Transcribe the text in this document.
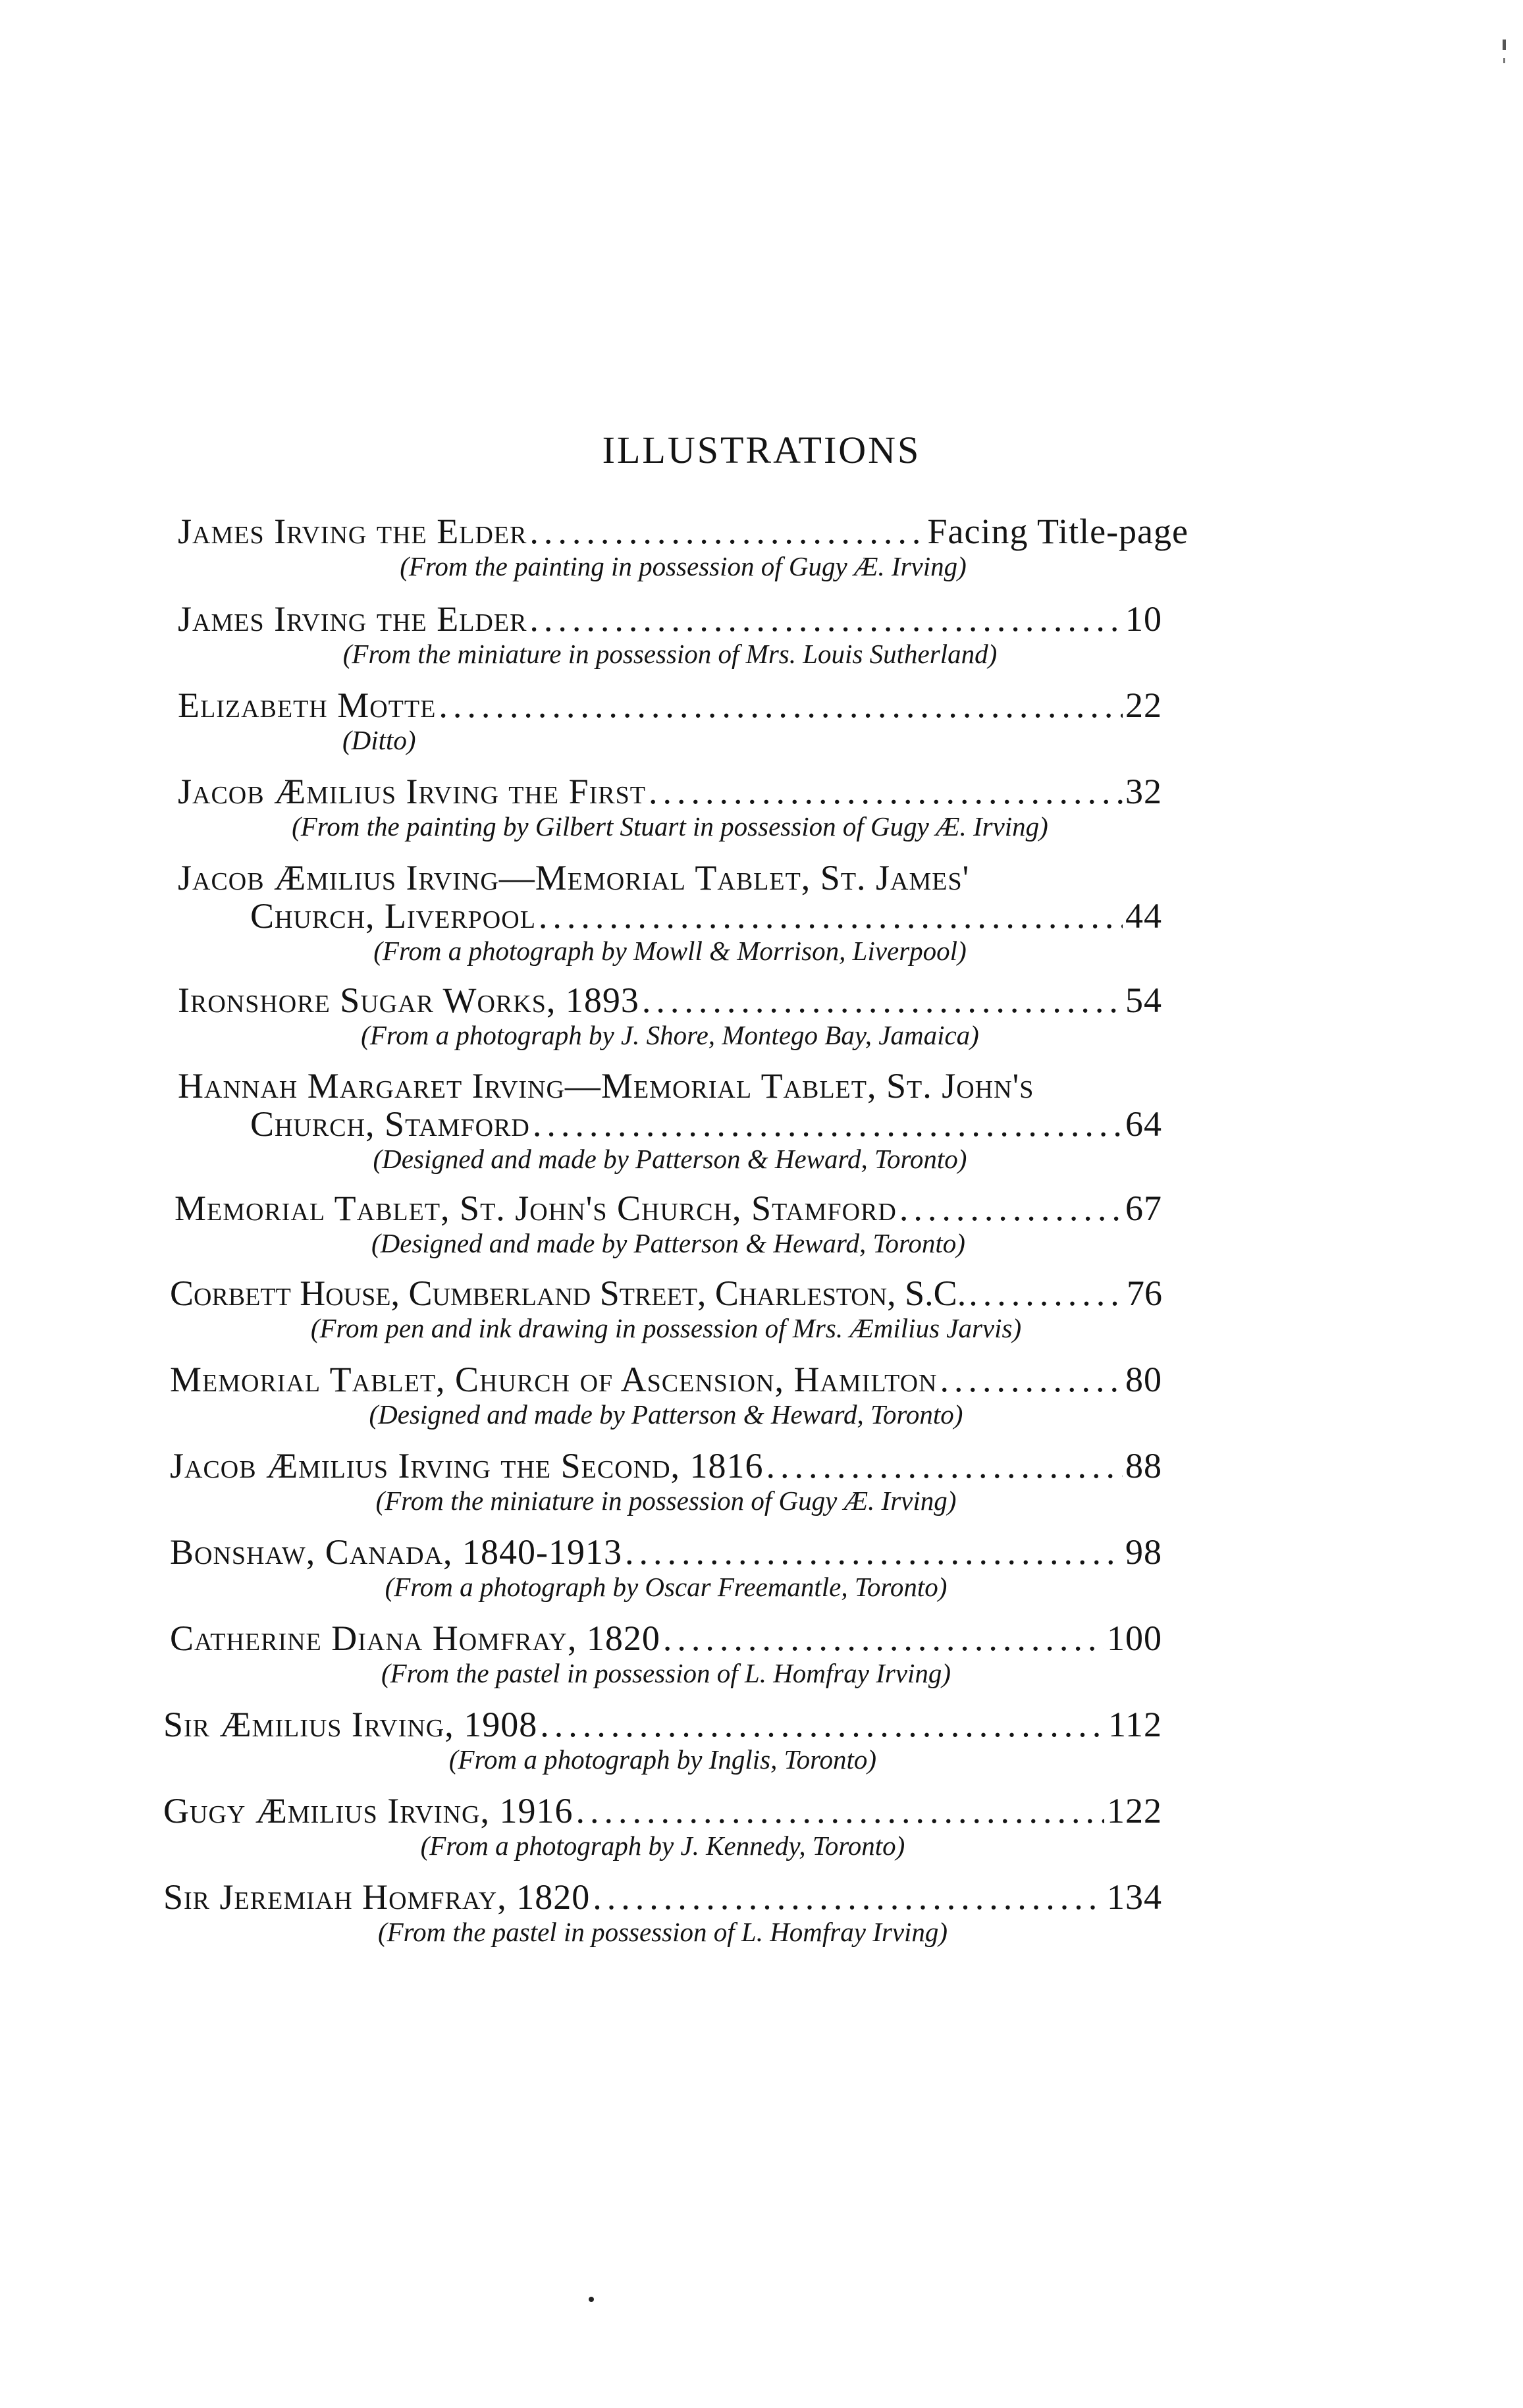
ILLUSTRATIONS
James Irving the Elder .....	Facing Title-page
(From the painting in possession of Gugy Æ. Irving)
James Irving the Elder .....	10
(From the miniature in possession of Mrs. Louis Sutherland)
Elizabeth Motte .....	22
(Ditto)
Jacob Æmilius Irving the First .....	32
(From the painting by Gilbert Stuart in possession of Gugy Æ. Irving)
Jacob Æmilius Irving—Memorial Tablet, St. James'
Church, Liverpool .....	44
(From a photograph by Mowll & Morrison, Liverpool)
Ironshore Sugar Works, 1893 .....	54
(From a photograph by J. Shore, Montego Bay, Jamaica)
Hannah Margaret Irving—Memorial Tablet, St. John's
Church, Stamford .....	64
(Designed and made by Patterson & Heward, Toronto)
Memorial Tablet, St. John's Church, Stamford .....	67
(Designed and made by Patterson & Heward, Toronto)
Corbett House, Cumberland Street, Charleston, S.C. .....	76
(From pen and ink drawing in possession of Mrs. Æmilius Jarvis)
Memorial Tablet, Church of Ascension, Hamilton .....	80
(Designed and made by Patterson & Heward, Toronto)
Jacob Æmilius Irving the Second, 1816 .....	88
(From the miniature in possession of Gugy Æ. Irving)
Bonshaw, Canada, 1840-1913 .....	98
(From a photograph by Oscar Freemantle, Toronto)
Catherine Diana Homfray, 1820 .....	100
(From the pastel in possession of L. Homfray Irving)
Sir Æmilius Irving, 1908 .....	112
(From a photograph by Inglis, Toronto)
Gugy Æmilius Irving, 1916 .....	122
(From a photograph by J. Kennedy, Toronto)
Sir Jeremiah Homfray, 1820 .....	134
(From the pastel in possession of L. Homfray Irving)
